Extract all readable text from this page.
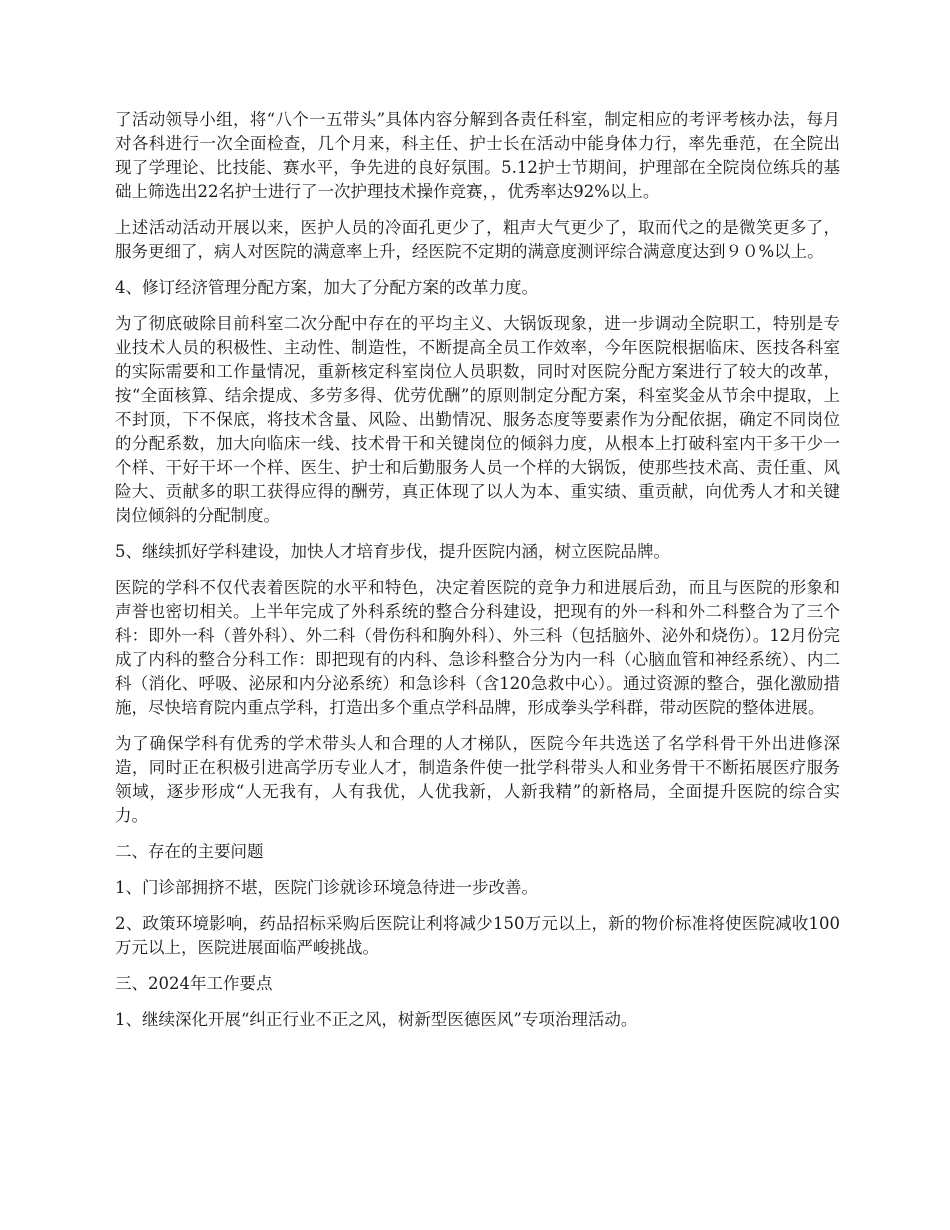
了活动领导小组，将“八个一五带头”具体内容分解到各责任科室，制定相应的考评考核办法，每月对各科进行一次全面检查，几个月来，科主任、护士长在活动中能身体力行，率先垂范，在全院出现了学理论、比技能、赛水平，争先进的良好氛围。5.12护士节期间，护理部在全院岗位练兵的基础上筛选出22名护士进行了一次护理技术操作竞赛，，优秀率达92%以上。

上述活动活动开展以来，医护人员的冷面孔更少了，粗声大气更少了，取而代之的是微笑更多了，服务更细了，病人对医院的满意率上升，经医院不定期的满意度测评综合满意度达到９０%以上。

4、修订经济管理分配方案，加大了分配方案的改革力度。

为了彻底破除目前科室二次分配中存在的平均主义、大锅饭现象，进一步调动全院职工，特别是专业技术人员的积极性、主动性、制造性，不断提高全员工作效率，今年医院根据临床、医技各科室的实际需要和工作量情况，重新核定科室岗位人员职数，同时对医院分配方案进行了较大的改革，按“全面核算、结余提成、多劳多得、优劳优酬”的原则制定分配方案，科室奖金从节余中提取，上不封顶，下不保底，将技术含量、风险、出勤情况、服务态度等要素作为分配依据，确定不同岗位的分配系数，加大向临床一线、技术骨干和关键岗位的倾斜力度，从根本上打破科室内干多干少一个样、干好干坏一个样、医生、护士和后勤服务人员一个样的大锅饭，使那些技术高、责任重、风险大、贡献多的职工获得应得的酬劳，真正体现了以人为本、重实绩、重贡献，向优秀人才和关键岗位倾斜的分配制度。

5、继续抓好学科建设，加快人才培育步伐，提升医院内涵，树立医院品牌。

医院的学科不仅代表着医院的水平和特色，决定着医院的竞争力和进展后劲，而且与医院的形象和声誉也密切相关。上半年完成了外科系统的整合分科建设，把现有的外一科和外二科整合为了三个科：即外一科（普外科）、外二科（骨伤科和胸外科）、外三科（包括脑外、泌外和烧伤）。12月份完成了内科的整合分科工作：即把现有的内科、急诊科整合分为内一科（心脑血管和神经系统）、内二科（消化、呼吸、泌尿和内分泌系统）和急诊科（含120急救中心）。通过资源的整合，强化激励措施，尽快培育院内重点学科，打造出多个重点学科品牌，形成拳头学科群，带动医院的整体进展。

为了确保学科有优秀的学术带头人和合理的人才梯队，医院今年共选送了名学科骨干外出进修深造，同时正在积极引进高学历专业人才，制造条件使一批学科带头人和业务骨干不断拓展医疗服务领域，逐步形成“人无我有，人有我优，人优我新，人新我精”的新格局，全面提升医院的综合实力。

二、存在的主要问题

1、门诊部拥挤不堪，医院门诊就诊环境急待进一步改善。

2、政策环境影响，药品招标采购后医院让利将减少150万元以上，新的物价标准将使医院减收100万元以上，医院进展面临严峻挑战。

三、2024年工作要点

1、继续深化开展“纠正行业不正之风，树新型医德医风”专项治理活动。
